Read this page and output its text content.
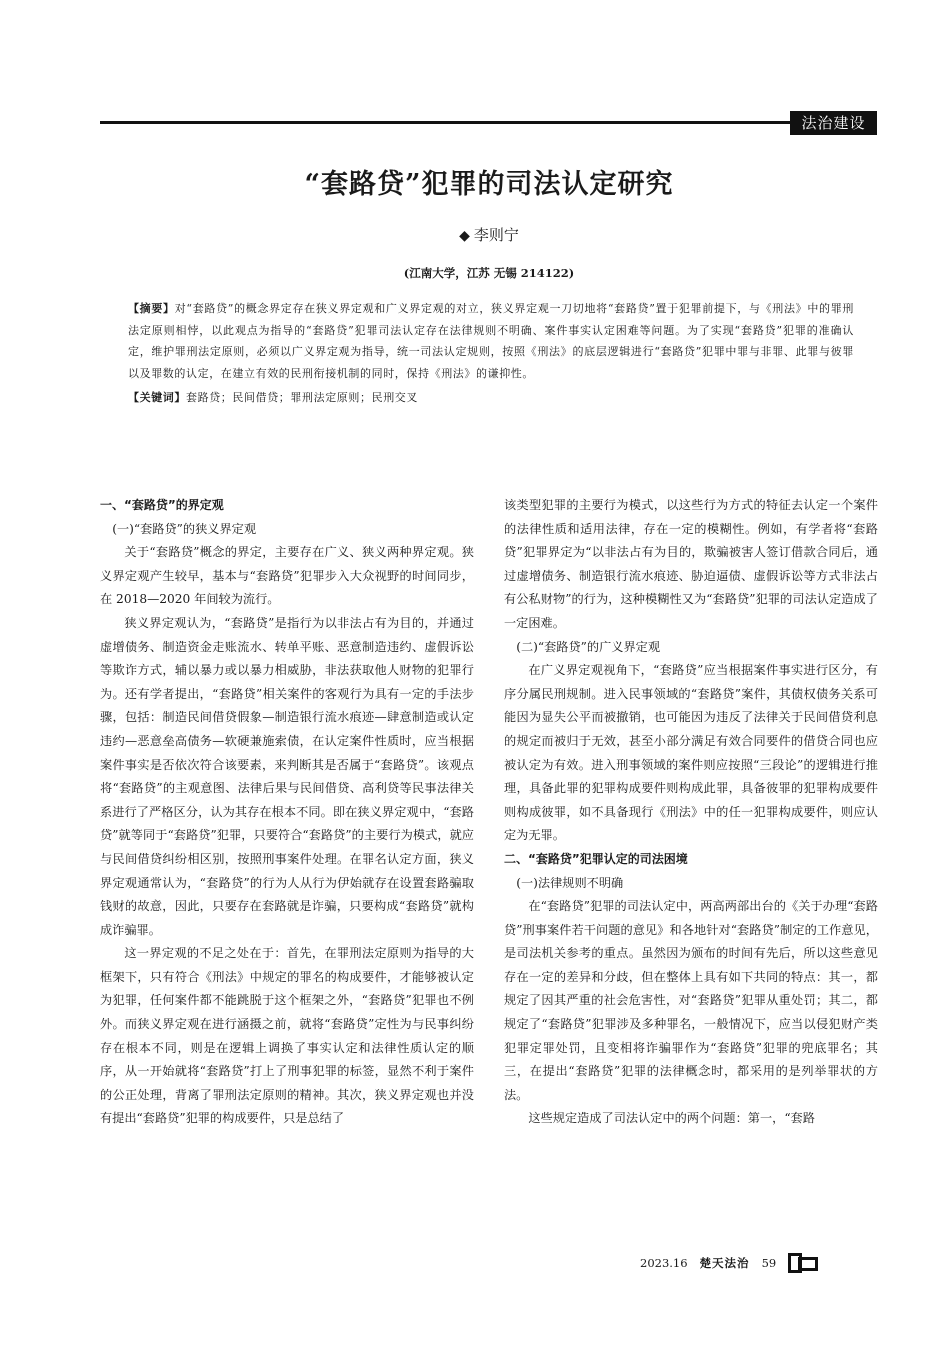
法治建设
“套路贷”犯罪的司法认定研究
◆ 李则宁
(江南大学，江苏 无锡 214122)

【摘要】对“套路贷”的概念界定存在狭义界定观和广义界定观的对立，狭义界定观一刀切地将“套路贷”置于犯罪前提下，与《刑法》中的罪刑法定原则相悖，以此观点为指导的“套路贷”犯罪司法认定存在法律规则不明确、案件事实认定困难等问题。为了实现“套路贷”犯罪的准确认定，维护罪刑法定原则，必须以广义界定观为指导，统一司法认定规则，按照《刑法》的底层逻辑进行“套路贷”犯罪中罪与非罪、此罪与彼罪以及罪数的认定，在建立有效的民刑衔接机制的同时，保持《刑法》的谦抑性。

【关键词】套路贷；民间借贷；罪刑法定原则；民刑交叉

一、“套路贷”的界定观

(一)“套路贷”的狭义界定观

关于“套路贷”概念的界定，主要存在广义、狭义两种界定观。狭义界定观产生较早，基本与“套路贷”犯罪步入大众视野的时间同步，在 2018—2020 年间较为流行。

狭义界定观认为，“套路贷”是指行为以非法占有为目的，并通过虚增债务、制造资金走账流水、转单平账、恶意制造违约、虚假诉讼等欺诈方式，辅以暴力或以暴力相威胁，非法获取他人财物的犯罪行为。还有学者提出，“套路贷”相关案件的客观行为具有一定的手法步骤，包括：制造民间借贷假象—制造银行流水痕迹—肆意制造或认定违约—恶意垒高债务—软硬兼施索债，在认定案件性质时，应当根据案件事实是否依次符合该要素，来判断其是否属于“套路贷”。该观点将“套路贷”的主观意图、法律后果与民间借贷、高利贷等民事法律关系进行了严格区分，认为其存在根本不同。即在狭义界定观中，“套路贷”就等同于“套路贷”犯罪，只要符合“套路贷”的主要行为模式，就应与民间借贷纠纷相区别，按照刑事案件处理。在罪名认定方面，狭义界定观通常认为，“套路贷”的行为人从行为伊始就存在设置套路骗取钱财的故意，因此，只要存在套路就是诈骗，只要构成“套路贷”就构成诈骗罪。

这一界定观的不足之处在于：首先，在罪刑法定原则为指导的大框架下，只有符合《刑法》中规定的罪名的构成要件，才能够被认定为犯罪，任何案件都不能跳脱于这个框架之外，“套路贷”犯罪也不例外。而狭义界定观在进行涵摄之前，就将“套路贷”定性为与民事纠纷存在根本不同，则是在逻辑上调换了事实认定和法律性质认定的顺序，从一开始就将“套路贷”打上了刑事犯罪的标签，显然不利于案件的公正处理，背离了罪刑法定原则的精神。其次，狭义界定观也并没有提出“套路贷”犯罪的构成要件，只是总结了

该类型犯罪的主要行为模式，以这些行为方式的特征去认定一个案件的法律性质和适用法律，存在一定的模糊性。例如，有学者将“套路贷”犯罪界定为“以非法占有为目的，欺骗被害人签订借款合同后，通过虚增债务、制造银行流水痕迹、胁迫逼债、虚假诉讼等方式非法占有公私财物”的行为，这种模糊性又为“套路贷”犯罪的司法认定造成了一定困难。

(二)“套路贷”的广义界定观

在广义界定观视角下，“套路贷”应当根据案件事实进行区分，有序分属民刑规制。进入民事领域的“套路贷”案件，其债权债务关系可能因为显失公平而被撤销，也可能因为违反了法律关于民间借贷利息的规定而被归于无效，甚至小部分满足有效合同要件的借贷合同也应被认定为有效。进入刑事领域的案件则应按照“三段论”的逻辑进行推理，具备此罪的犯罪构成要件则构成此罪，具备彼罪的犯罪构成要件则构成彼罪，如不具备现行《刑法》中的任一犯罪构成要件，则应认定为无罪。

二、“套路贷”犯罪认定的司法困境

(一)法律规则不明确

在“套路贷”犯罪的司法认定中，两高两部出台的《关于办理“套路贷”刑事案件若干问题的意见》和各地针对“套路贷”制定的工作意见，是司法机关参考的重点。虽然因为颁布的时间有先后，所以这些意见存在一定的差异和分歧，但在整体上具有如下共同的特点：其一，都规定了因其严重的社会危害性，对“套路贷”犯罪从重处罚；其二，都规定了“套路贷”犯罪涉及多种罪名，一般情况下，应当以侵犯财产类犯罪定罪处罚，且变相将诈骗罪作为“套路贷”犯罪的兜底罪名；其三，在提出“套路贷”犯罪的法律概念时，都采用的是列举罪状的方法。

这些规定造成了司法认定中的两个问题：第一，“套路

2023.16 楚天法治 59
